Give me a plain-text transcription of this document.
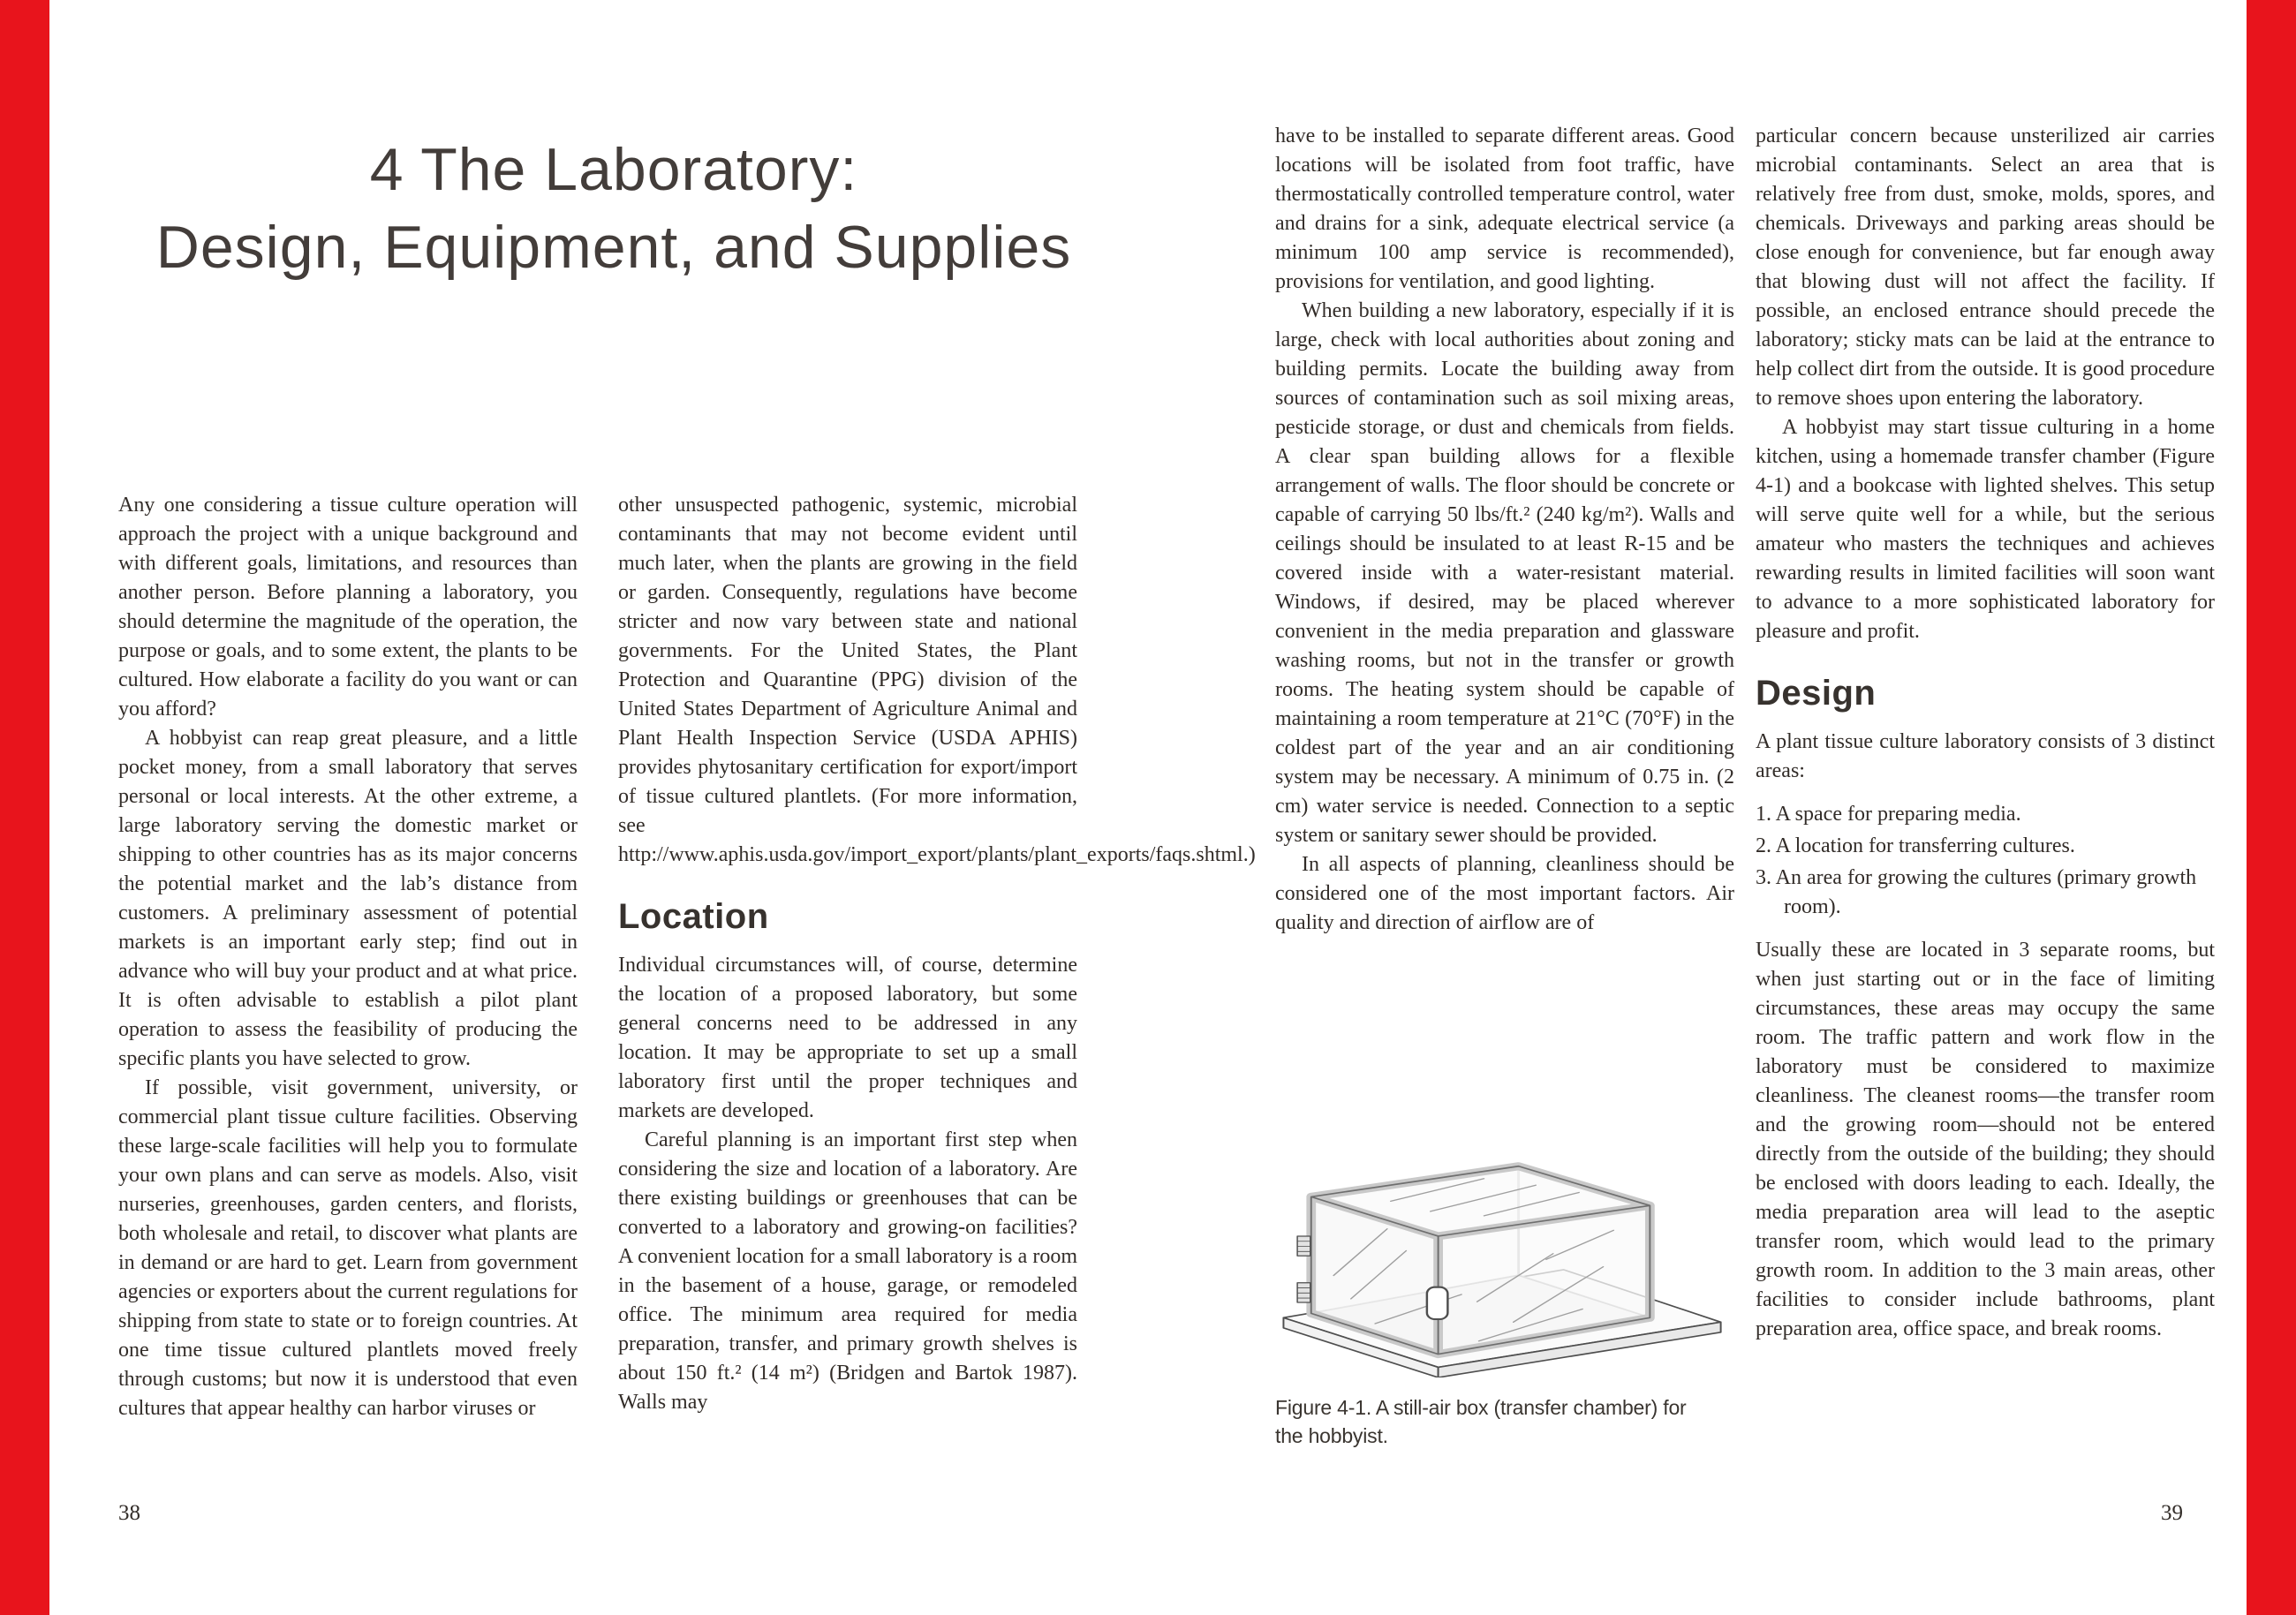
4 The Laboratory:
Design, Equipment, and Supplies

Any one considering a tissue culture operation will approach the project with a unique background and with different goals, limitations, and resources than another person. Before planning a laboratory, you should determine the magnitude of the operation, the purpose or goals, and to some extent, the plants to be cultured. How elaborate a facility do you want or can you afford?

A hobbyist can reap great pleasure, and a little pocket money, from a small laboratory that serves personal or local interests. At the other extreme, a large laboratory serving the domestic market or shipping to other countries has as its major concerns the potential market and the lab’s distance from customers. A preliminary assessment of potential markets is an important early step; find out in advance who will buy your product and at what price. It is often advisable to establish a pilot plant operation to assess the feasibility of producing the specific plants you have selected to grow.

If possible, visit government, university, or commercial plant tissue culture facilities. Observing these large-scale facilities will help you to formulate your own plans and can serve as models. Also, visit nurseries, greenhouses, garden centers, and florists, both wholesale and retail, to discover what plants are in demand or are hard to get. Learn from government agencies or exporters about the current regulations for shipping from state to state or to foreign countries. At one time tissue cultured plantlets moved freely through customs; but now it is understood that even cultures that appear healthy can harbor viruses or

other unsuspected pathogenic, systemic, microbial contaminants that may not become evident until much later, when the plants are growing in the field or garden. Consequently, regulations have become stricter and now vary between state and national governments. For the United States, the Plant Protection and Quarantine (PPG) division of the United States Department of Agriculture Animal and Plant Health Inspection Service (USDA APHIS) provides phytosanitary certification for export/import of tissue cultured plantlets. (For more information, see http://www.aphis.usda.gov/import_export/plants/plant_exports/faqs.shtml.)

Location

Individual circumstances will, of course, determine the location of a proposed laboratory, but some general concerns need to be addressed in any location. It may be appropriate to set up a small laboratory first until the proper techniques and markets are developed.

Careful planning is an important first step when considering the size and location of a laboratory. Are there existing buildings or greenhouses that can be converted to a laboratory and growing-on facilities? A convenient location for a small laboratory is a room in the basement of a house, garage, or remodeled office. The minimum area required for media preparation, transfer, and primary growth shelves is about 150 ft.² (14 m²) (Bridgen and Bartok 1987). Walls may

have to be installed to separate different areas. Good locations will be isolated from foot traffic, have thermostatically controlled temperature control, water and drains for a sink, adequate electrical service (a minimum 100 amp service is recommended), provisions for ventilation, and good lighting.

When building a new laboratory, especially if it is large, check with local authorities about zoning and building permits. Locate the building away from sources of contamination such as soil mixing areas, pesticide storage, or dust and chemicals from fields. A clear span building allows for a flexible arrangement of walls. The floor should be concrete or capable of carrying 50 lbs/ft.² (240 kg/m²). Walls and ceilings should be insulated to at least R-15 and be covered inside with a water-resistant material. Windows, if desired, may be placed wherever convenient in the media preparation and glassware washing rooms, but not in the transfer or growth rooms. The heating system should be capable of maintaining a room temperature at 21°C (70°F) in the coldest part of the year and an air conditioning system may be necessary. A minimum of 0.75 in. (2 cm) water service is needed. Connection to a septic system or sanitary sewer should be provided.

In all aspects of planning, cleanliness should be considered one of the most important factors. Air quality and direction of airflow are of

particular concern because unsterilized air carries microbial contaminants. Select an area that is relatively free from dust, smoke, molds, spores, and chemicals. Driveways and parking areas should be close enough for convenience, but far enough away that blowing dust will not affect the facility. If possible, an enclosed entrance should precede the laboratory; sticky mats can be laid at the entrance to help collect dirt from the outside. It is good procedure to remove shoes upon entering the laboratory.

A hobbyist may start tissue culturing in a home kitchen, using a homemade transfer chamber (Figure 4-1) and a bookcase with lighted shelves. This setup will serve quite well for a while, but the serious amateur who masters the techniques and achieves rewarding results in limited facilities will soon want to advance to a more sophisticated laboratory for pleasure and profit.

Design

A plant tissue culture laboratory consists of 3 distinct areas:

1. A space for preparing media.

2. A location for transferring cultures.

3. An area for growing the cultures (primary growth room).

Usually these are located in 3 separate rooms, but when just starting out or in the face of limiting circumstances, these areas may occupy the same room. The traffic pattern and work flow in the laboratory must be considered to maximize cleanliness. The cleanest rooms—the transfer room and the growing room—should not be entered directly from the outside of the building; they should be enclosed with doors leading to each. Ideally, the media preparation area will lead to the aseptic transfer room, which would lead to the primary growth room. In addition to the 3 main areas, other facilities to consider include bathrooms, plant preparation area, office space, and break rooms.

Figure 4-1. A still-air box (transfer chamber) for the hobbyist.
38	39
